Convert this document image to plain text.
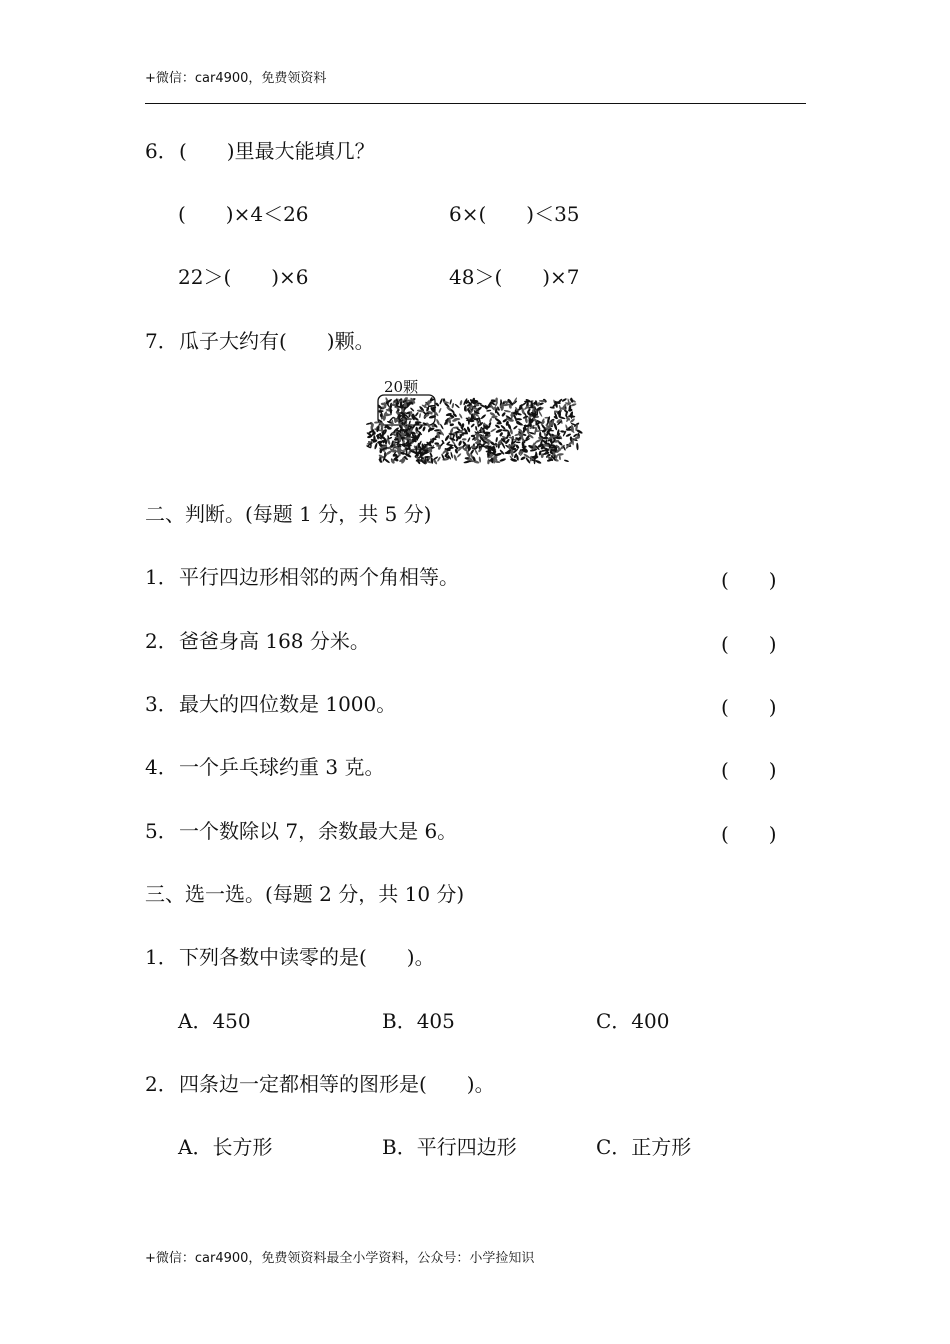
+微信：car4900，免费领资料
6．(　　)里最大能填几？
(　　)×4＜26	6×(　　)＜35
22＞(　　)×6	48＞(　　)×7
7．瓜子大约有(　　)颗。
20颗
二、判断。(每题 1 分，共 5 分)
1．平行四边形相邻的两个角相等。	(　　)
2．爸爸身高 168 分米。	(　　)
3．最大的四位数是 1000。	(　　)
4．一个乒乓球约重 3 克。	(　　)
5．一个数除以 7，余数最大是 6。	(　　)
三、选一选。(每题 2 分，共 10 分)
1．下列各数中读零的是(　　)。
A．450	B．405	C．400
2．四条边一定都相等的图形是(　　)。
A．长方形	B．平行四边形	C．正方形
+微信：car4900，免费领资料最全小学资料，公众号：小学捡知识
